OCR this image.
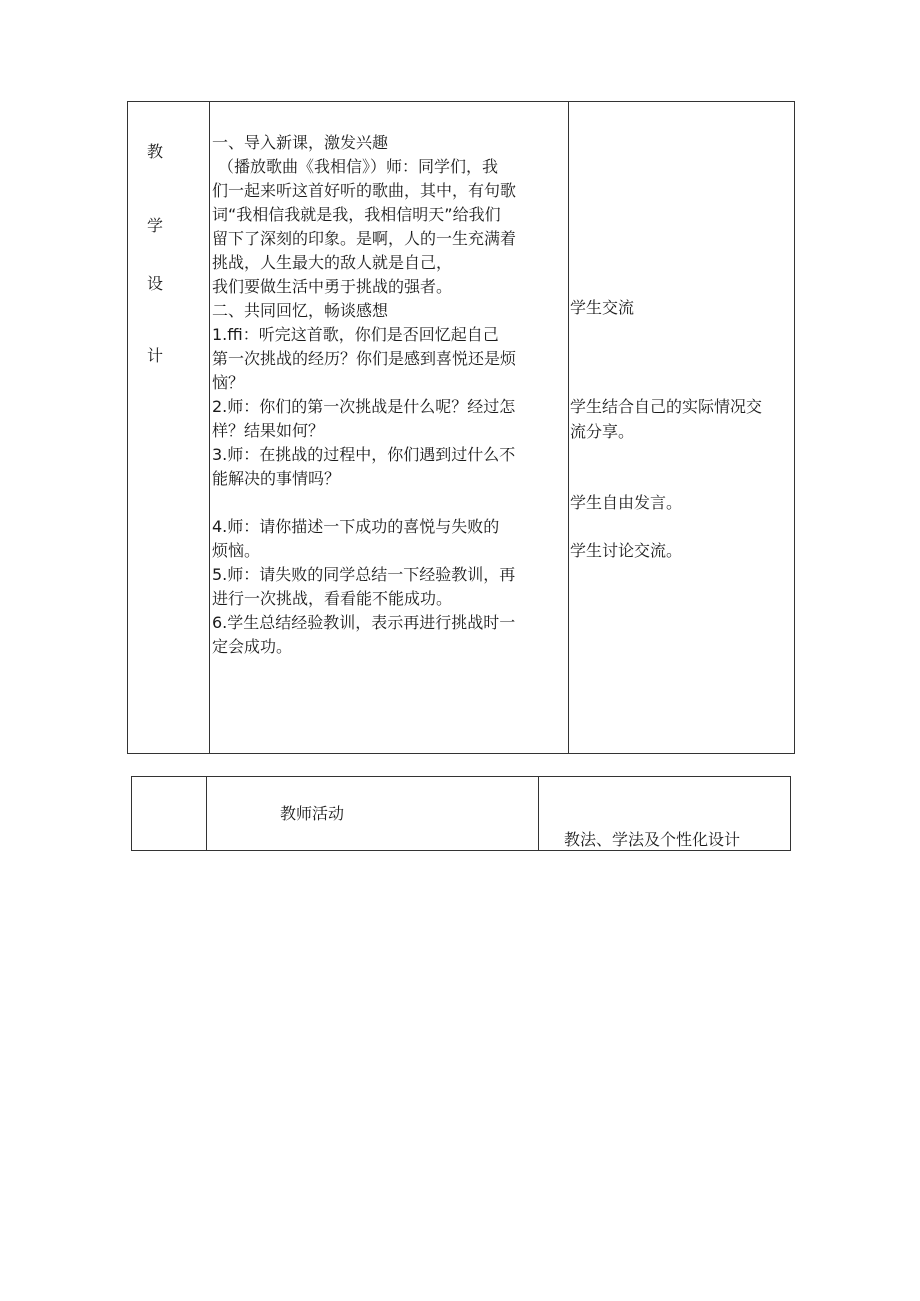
教
学
设
计
一、导入新课，激发兴趣
（播放歌曲《我相信》）师：同学们，我
们一起来听这首好听的歌曲，其中，有句歌
词“我相信我就是我，我相信明天”给我们
留下了深刻的印象。是啊，人的一生充满着
挑战，人生最大的敌人就是自己，
我们要做生活中勇于挑战的强者。
二、共同回忆，畅谈感想
1.ffi：听完这首歌，你们是否回忆起自己
第一次挑战的经历？你们是感到喜悦还是烦
恼？
2.师：你们的第一次挑战是什么呢？经过怎
样？结果如何？
3.师：在挑战的过程中，你们遇到过什么不
能解决的事情吗？
4.师：请你描述一下成功的喜悦与失败的
烦恼。
5.师：请失败的同学总结一下经验教训，再
进行一次挑战，看看能不能成功。
6.学生总结经验教训，表示再进行挑战时一
定会成功。
学生交流
学生结合自己的实际情况交
流分享。
学生自由发言。
学生讨论交流。
教师活动
教法、学法及个性化设计
